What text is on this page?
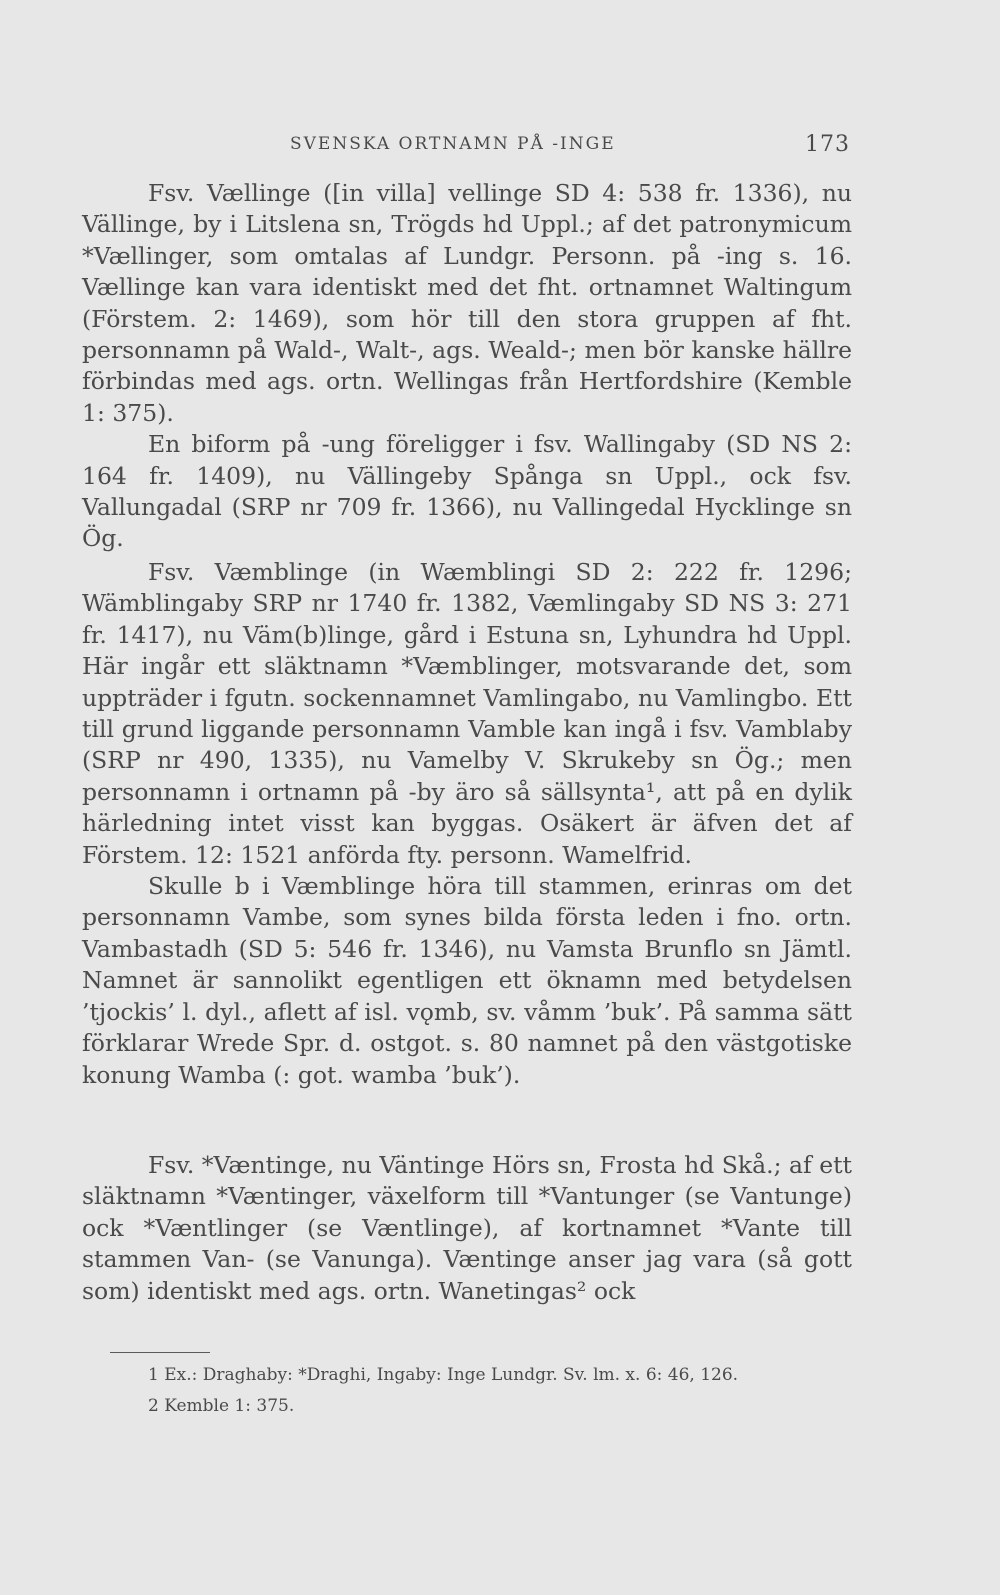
SVENSKA ORTNAMN PÅ -INGE	173

Fsv. Vællinge ([in villa] vellinge SD 4: 538 fr. 1336), nu Vällinge, by i Litslena sn, Trögds hd Uppl.; af det patronymicum *Vællinger, som omtalas af Lundgr. Personn. på -ing s. 16. Vællinge kan vara identiskt med det fht. ortnamnet Waltingum (Förstem. 2: 1469), som hör till den stora gruppen af fht. personnamn på Wald-, Walt-, ags. Weald-; men bör kanske hällre förbindas med ags. ortn. Wellingas från Hertfordshire (Kemble 1: 375).

En biform på -ung föreligger i fsv. Wallingaby (SD NS 2: 164 fr. 1409), nu Vällingeby Spånga sn Uppl., ock fsv. Vallungadal (SRP nr 709 fr. 1366), nu Vallingedal Hycklinge sn Ög.

Fsv. Væmblinge (in Wæmblingi SD 2: 222 fr. 1296; Wämblingaby SRP nr 1740 fr. 1382, Væmlingaby SD NS 3: 271 fr. 1417), nu Väm(b)linge, gård i Estuna sn, Lyhundra hd Uppl. Här ingår ett släktnamn *Væmblinger, motsvarande det, som uppträder i fgutn. sockennamnet Vamlingabo, nu Vamlingbo. Ett till grund liggande personnamn Vamble kan ingå i fsv. Vamblaby (SRP nr 490, 1335), nu Vamelby V. Skrukeby sn Ög.; men personnamn i ortnamn på -by äro så sällsynta¹, att på en dylik härledning intet visst kan byggas. Osäkert är äfven det af Förstem. 12: 1521 anförda fty. personn. Wamelfrid.

Skulle b i Væmblinge höra till stammen, erinras om det personnamn Vambe, som synes bilda första leden i fno. ortn. Vambastadh (SD 5: 546 fr. 1346), nu Vamsta Brunflo sn Jämtl. Namnet är sannolikt egentligen ett öknamn med betydelsen ’tjockis’ l. dyl., aflett af isl. vǫmb, sv. våmm ’buk’. På samma sätt förklarar Wrede Spr. d. ostgot. s. 80 namnet på den västgotiske konung Wamba (: got. wamba ’buk’).

Fsv. *Væntinge, nu Väntinge Hörs sn, Frosta hd Skå.; af ett släktnamn *Væntinger, växelform till *Vantunger (se Vantunge) ock *Væntlinger (se Væntlinge), af kortnamnet *Vante till stammen Van- (se Vanunga). Væntinge anser jag vara (så gott som) identiskt med ags. ortn. Wanetingas² ock

1 Ex.: Draghaby: *Draghi, Ingaby: Inge Lundgr. Sv. lm. x. 6: 46, 126.
2 Kemble 1: 375.
